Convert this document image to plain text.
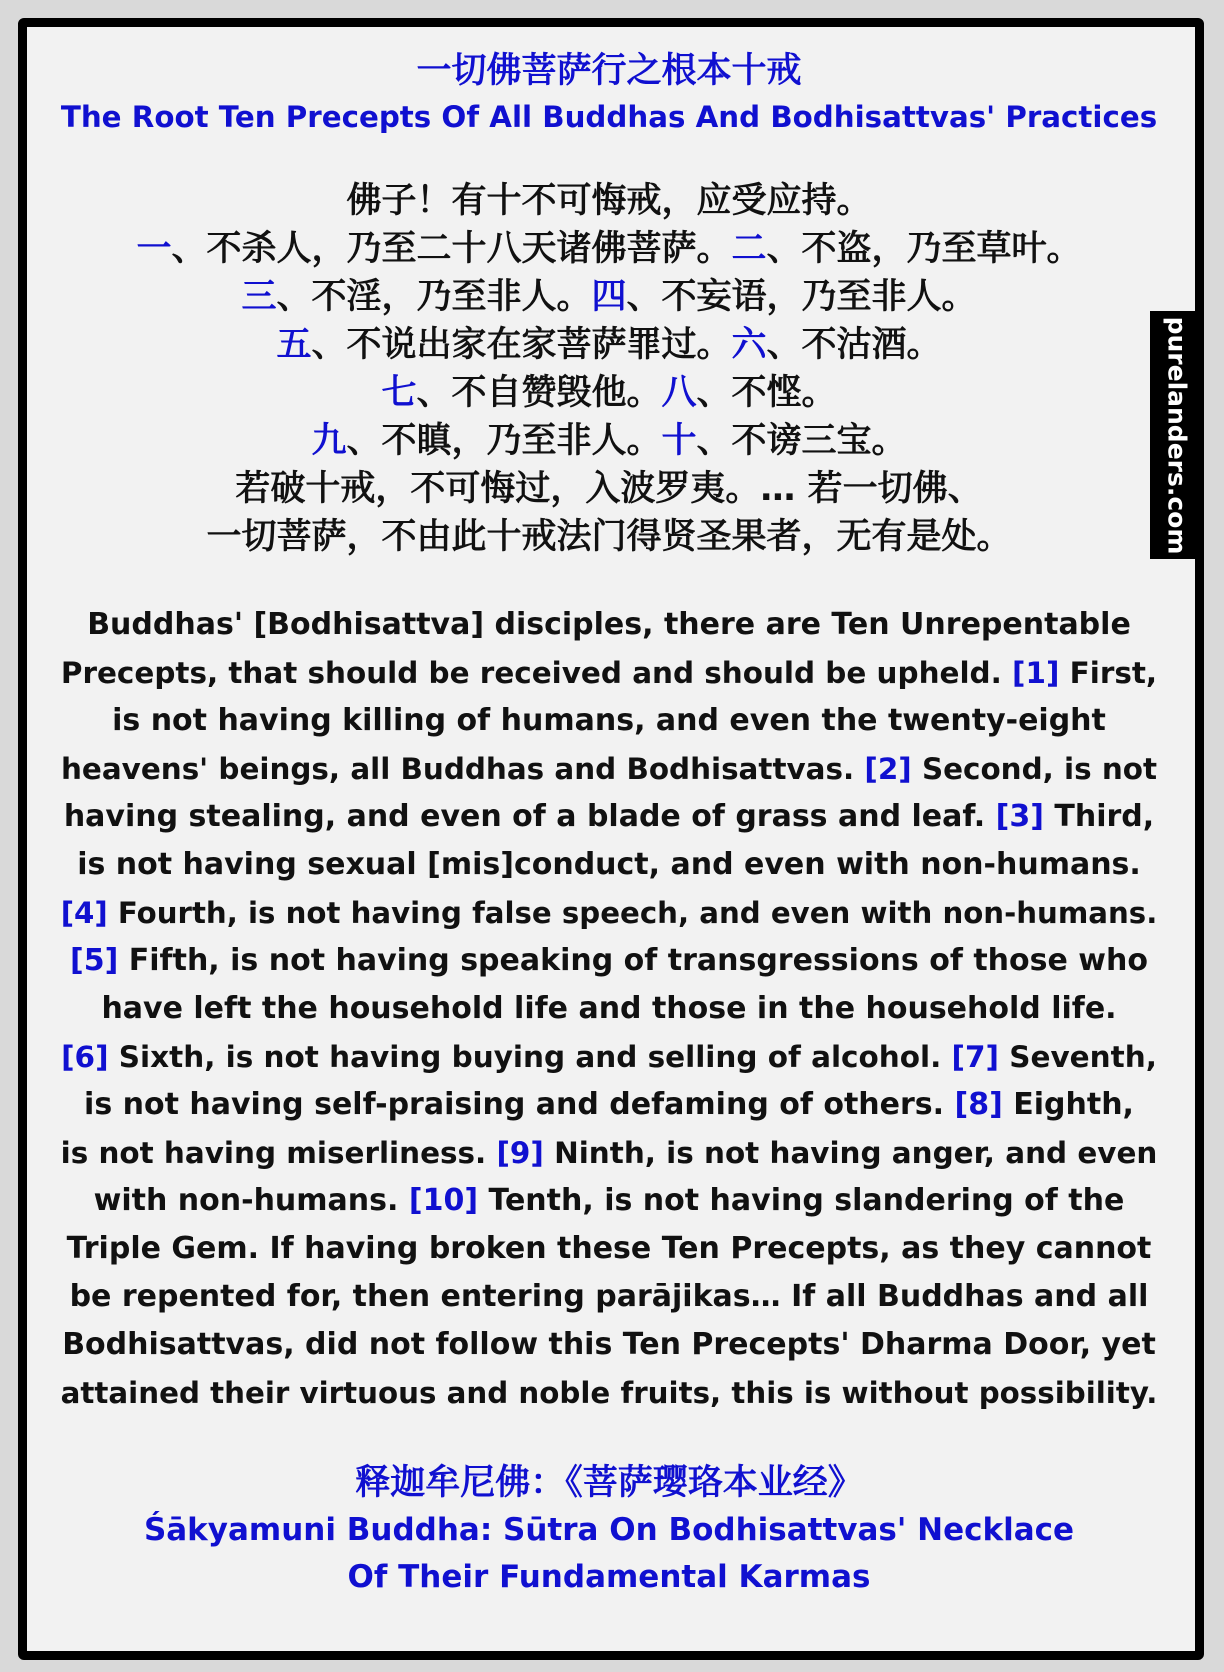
一切佛菩萨行之根本十戒
The Root Ten Precepts Of All Buddhas And Bodhisattvas' Practices
佛子！有十不可悔戒，应受应持。
一、不杀人，乃至二十八天诸佛菩萨。二、不盗，乃至草叶。
三、不淫，乃至非人。四、不妄语，乃至非人。
五、不说出家在家菩萨罪过。六、不沽酒。
七、不自赞毁他。八、不悭。
九、不瞋，乃至非人。十、不谤三宝。
若破十戒，不可悔过，入波罗夷。… 若一切佛、
一切菩萨，不由此十戒法门得贤圣果者，无有是处。
Buddhas' [Bodhisattva] disciples, there are Ten Unrepentable
Precepts, that should be received and should be upheld. [1] First,
is not having killing of humans, and even the twenty-eight
heavens' beings, all Buddhas and Bodhisattvas. [2] Second, is not
having stealing, and even of a blade of grass and leaf. [3] Third,
is not having sexual [mis]conduct, and even with non-humans.
[4] Fourth, is not having false speech, and even with non-humans.
[5] Fifth, is not having speaking of transgressions of those who
have left the household life and those in the household life.
[6] Sixth, is not having buying and selling of alcohol. [7] Seventh,
is not having self-praising and defaming of others. [8] Eighth,
is not having miserliness. [9] Ninth, is not having anger, and even
with non-humans. [10] Tenth, is not having slandering of the
Triple Gem. If having broken these Ten Precepts, as they cannot
be repented for, then entering parājikas… If all Buddhas and all
Bodhisattvas, did not follow this Ten Precepts' Dharma Door, yet
attained their virtuous and noble fruits, this is without possibility.
释迦牟尼佛：《菩萨璎珞本业经》
Śākyamuni Buddha: Sūtra On Bodhisattvas' Necklace
Of Their Fundamental Karmas
purelanders.com
